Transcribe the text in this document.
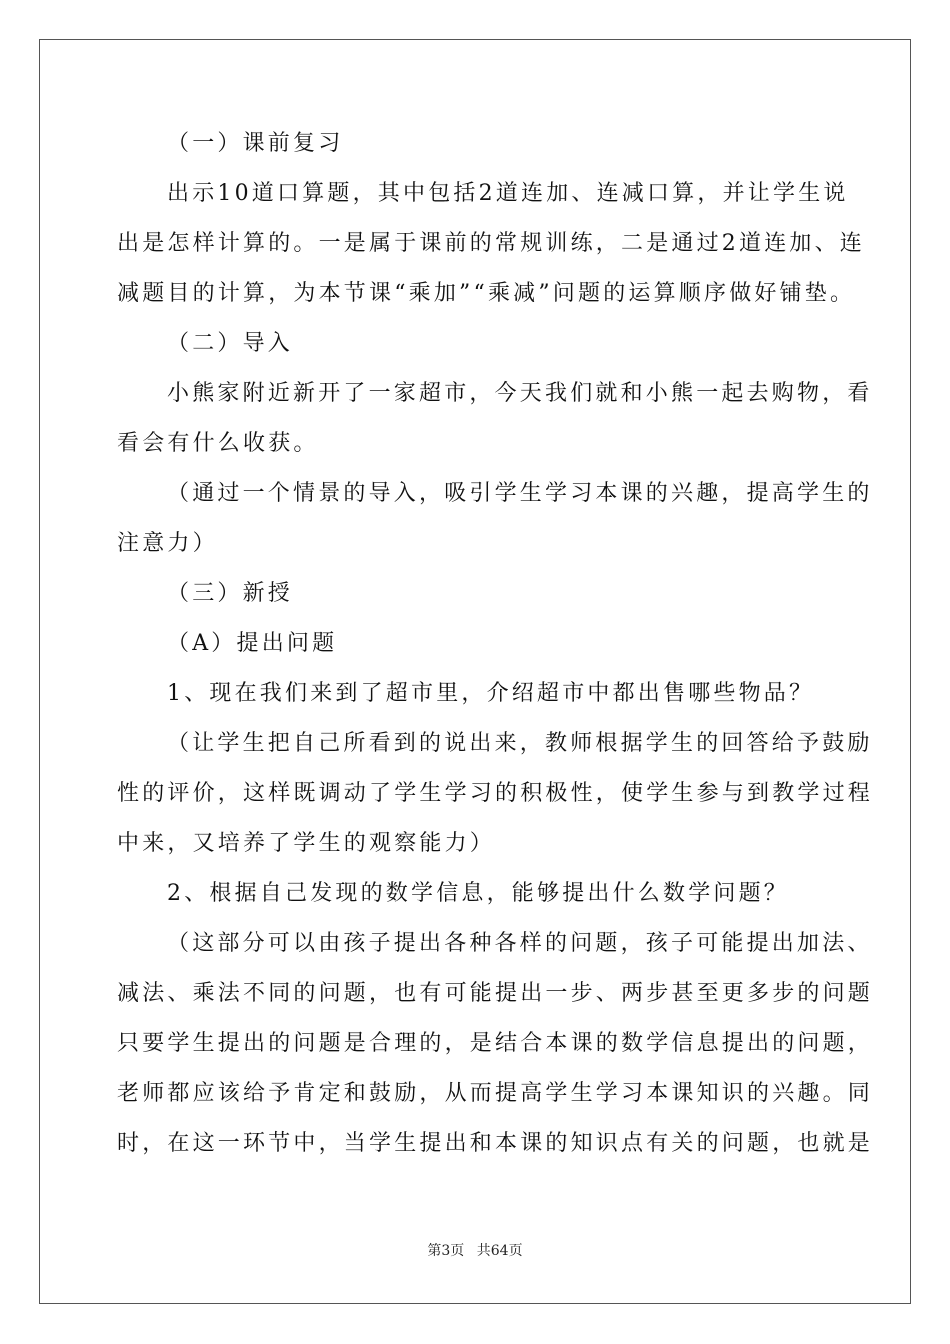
（一）课前复习
出示10道口算题，其中包括2道连加、连减口算，并让学生说
出是怎样计算的。一是属于课前的常规训练，二是通过2道连加、连
减题目的计算，为本节课“乘加”“乘减”问题的运算顺序做好铺垫。
（二）导入
小熊家附近新开了一家超市，今天我们就和小熊一起去购物，看
看会有什么收获。
（通过一个情景的导入，吸引学生学习本课的兴趣，提高学生的
注意力）
（三）新授
（A）提出问题
1、现在我们来到了超市里，介绍超市中都出售哪些物品？
（让学生把自己所看到的说出来，教师根据学生的回答给予鼓励
性的评价，这样既调动了学生学习的积极性，使学生参与到教学过程
中来，又培养了学生的观察能力）
2、根据自己发现的数学信息，能够提出什么数学问题？
（这部分可以由孩子提出各种各样的问题，孩子可能提出加法、
减法、乘法不同的问题，也有可能提出一步、两步甚至更多步的问题
只要学生提出的问题是合理的，是结合本课的数学信息提出的问题，
老师都应该给予肯定和鼓励，从而提高学生学习本课知识的兴趣。同
时，在这一环节中，当学生提出和本课的知识点有关的问题，也就是
第3页 共64页
